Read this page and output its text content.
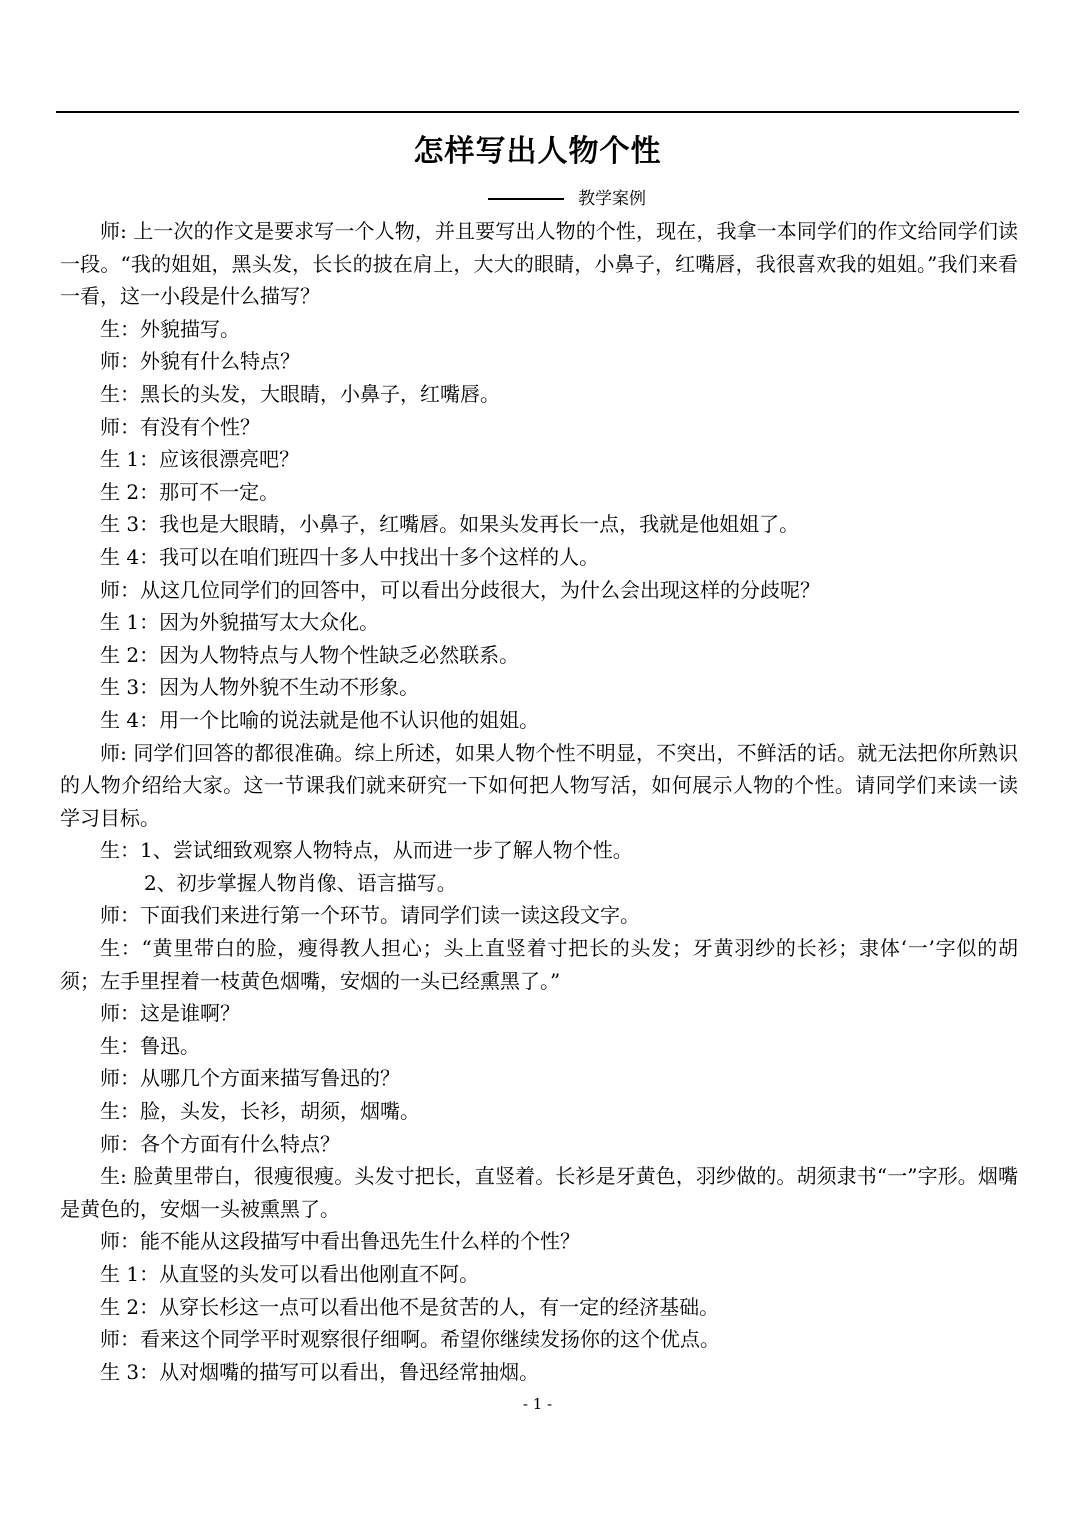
怎样写出人物个性
教学案例

师: 上一次的作文是要求写一个人物，并且要写出人物的个性，现在，我拿一本同学们的作文给同学们读一段。“我的姐姐，黑头发，长长的披在肩上，大大的眼睛，小鼻子，红嘴唇，我很喜欢我的姐姐。”我们来看一看，这一小段是什么描写？

生：外貌描写。

师：外貌有什么特点？

生：黑长的头发，大眼睛，小鼻子，红嘴唇。

师：有没有个性？

生 1：应该很漂亮吧？

生 2：那可不一定。

生 3：我也是大眼睛，小鼻子，红嘴唇。如果头发再长一点，我就是他姐姐了。

生 4：我可以在咱们班四十多人中找出十多个这样的人。

师：从这几位同学们的回答中，可以看出分歧很大，为什么会出现这样的分歧呢？

生 1：因为外貌描写太大众化。

生 2：因为人物特点与人物个性缺乏必然联系。

生 3：因为人物外貌不生动不形象。

生 4：用一个比喻的说法就是他不认识他的姐姐。

师: 同学们回答的都很准确。综上所述，如果人物个性不明显，不突出，不鲜活的话。就无法把你所熟识的人物介绍给大家。这一节课我们就来研究一下如何把人物写活，如何展示人物的个性。请同学们来读一读学习目标。

生：1、尝试细致观察人物特点，从而进一步了解人物个性。

2、初步掌握人物肖像、语言描写。

师：下面我们来进行第一个环节。请同学们读一读这段文字。

生：“黄里带白的脸，瘦得教人担心；头上直竖着寸把长的头发；牙黄羽纱的长衫；隶体‘一’字似的胡须；左手里捏着一枝黄色烟嘴，安烟的一头已经熏黑了。”

师：这是谁啊？

生：鲁迅。

师：从哪几个方面来描写鲁迅的？

生：脸，头发，长衫，胡须，烟嘴。

师：各个方面有什么特点？

生: 脸黄里带白，很瘦很瘦。头发寸把长，直竖着。长衫是牙黄色，羽纱做的。胡须隶书“一”字形。烟嘴是黄色的，安烟一头被熏黑了。

师：能不能从这段描写中看出鲁迅先生什么样的个性？

生 1：从直竖的头发可以看出他刚直不阿。

生 2：从穿长杉这一点可以看出他不是贫苦的人，有一定的经济基础。

师：看来这个同学平时观察很仔细啊。希望你继续发扬你的这个优点。

生 3：从对烟嘴的描写可以看出，鲁迅经常抽烟。

- 1 -
